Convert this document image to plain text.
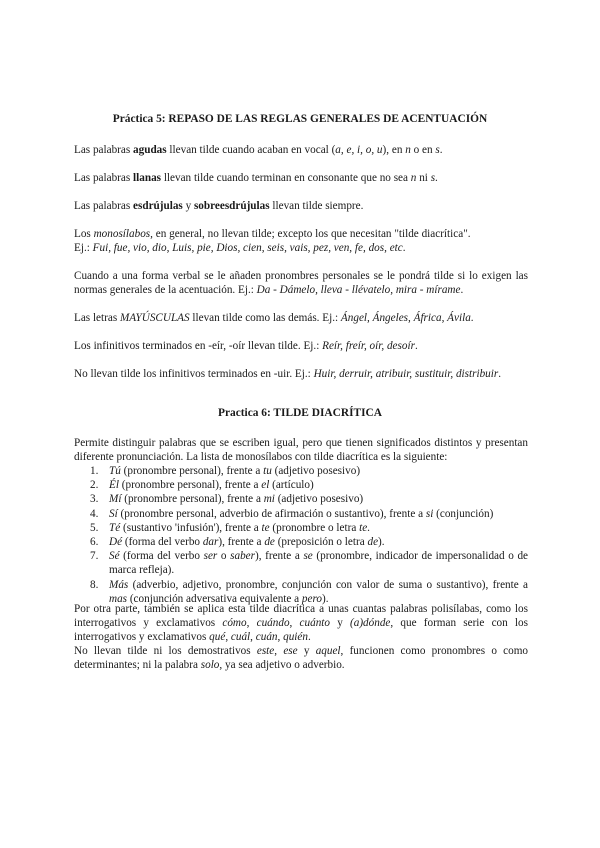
Práctica 5: REPASO DE LAS REGLAS GENERALES DE ACENTUACIÓN

Las palabras agudas llevan tilde cuando acaban en vocal (a, e, i, o, u), en n o en s.

Las palabras llanas llevan tilde cuando terminan en consonante que no sea n ni s.

Las palabras esdrújulas y sobreesdrújulas llevan tilde siempre.

Los monosílabos, en general, no llevan tilde; excepto los que necesitan "tilde diacrítica".
Ej.: Fui, fue, vio, dio, Luis, pie, Dios, cien, seis, vais, pez, ven, fe, dos, etc.

Cuando a una forma verbal se le añaden pronombres personales se le pondrá tilde si lo exigen las normas generales de la acentuación. Ej.: Da - Dámelo, lleva - llévatelo, mira - mírame.

Las letras MAYÚSCULAS llevan tilde como las demás. Ej.: Ángel, Ángeles, África, Ávila.

Los infinitivos terminados en -eír, -oír llevan tilde. Ej.: Reír, freír, oír, desoír.

No llevan tilde los infinitivos terminados en -uir. Ej.: Huir, derruir, atribuir, sustituir, distribuir.

Practica 6: TILDE DIACRÍTICA

Permite distinguir palabras que se escriben igual, pero que tienen significados distintos y presentan diferente pronunciación. La lista de monosílabos con tilde diacrítica es la siguiente:

1. Tú (pronombre personal), frente a tu (adjetivo posesivo)
2. Él (pronombre personal), frente a el (artículo)
3. Mí (pronombre personal), frente a mi (adjetivo posesivo)
4. Sí (pronombre personal, adverbio de afirmación o sustantivo), frente a si (conjunción)
5. Té (sustantivo 'infusión'), frente a te (pronombre o letra te.
6. Dé (forma del verbo dar), frente a de (preposición o letra de).
7. Sé (forma del verbo ser o saber), frente a se (pronombre, indicador de impersonalidad o de marca refleja).
8. Más (adverbio, adjetivo, pronombre, conjunción con valor de suma o sustantivo), frente a mas (conjunción adversativa equivalente a pero).

Por otra parte, también se aplica esta tilde diacrítica a unas cuantas palabras polisílabas, como los interrogativos y exclamativos cómo, cuándo, cuánto y (a)dónde, que forman serie con los interrogativos y exclamativos qué, cuál, cuán, quién.

No llevan tilde ni los demostrativos este, ese y aquel, funcionen como pronombres o como determinantes; ni la palabra solo, ya sea adjetivo o adverbio.
